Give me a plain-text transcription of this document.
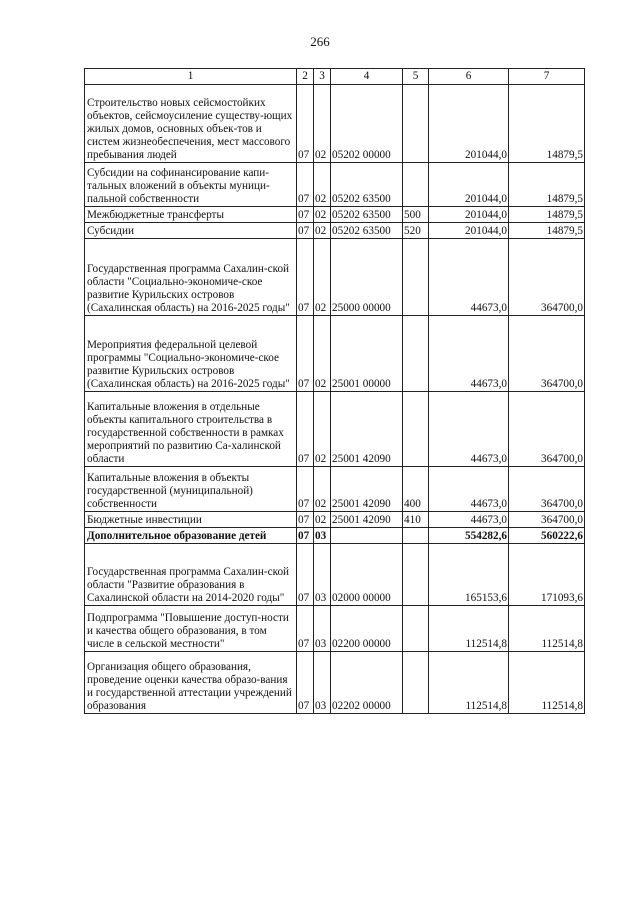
266
1	2	3	4	5	6	7
Строительство новых сейсмостойких объектов, сейсмоусиление существу-ющих жилых домов, основных объек-тов и систем жизнеобеспечения, мест массового пребывания людей	07	02	05202 00000		201044,0	14879,5
Субсидии на софинансирование капи-тальных вложений в объекты муници-пальной собственности	07	02	05202 63500		201044,0	14879,5
Межбюджетные трансферты	07	02	05202 63500	500	201044,0	14879,5
Субсидии	07	02	05202 63500	520	201044,0	14879,5
Государственная программа Сахалин-ской области "Социально-экономиче-ское развитие Курильских островов (Сахалинская область) на 2016-2025 годы"	07	02	25000 00000		44673,0	364700,0
Мероприятия федеральной целевой программы "Социально-экономиче-ское развитие Курильских островов (Сахалинская область) на 2016-2025 годы"	07	02	25001 00000		44673,0	364700,0
Капитальные вложения в отдельные объекты капитального строительства в государственной собственности в рамках мероприятий по развитию Са-халинской области	07	02	25001 42090		44673,0	364700,0
Капитальные вложения в объекты государственной (муниципальной) собственности	07	02	25001 42090	400	44673,0	364700,0
Бюджетные инвестиции	07	02	25001 42090	410	44673,0	364700,0
Дополнительное образование детей	07	03			554282,6	560222,6
Государственная программа Сахалин-ской области "Развитие образования в Сахалинской области на 2014-2020 годы"	07	03	02000 00000		165153,6	171093,6
Подпрограмма "Повышение доступ-ности и качества общего образования, в том числе в сельской местности"	07	03	02200 00000		112514,8	112514,8
Организация общего образования, проведение оценки качества образо-вания и государственной аттестации учреждений образования	07	03	02202 00000		112514,8	112514,8
